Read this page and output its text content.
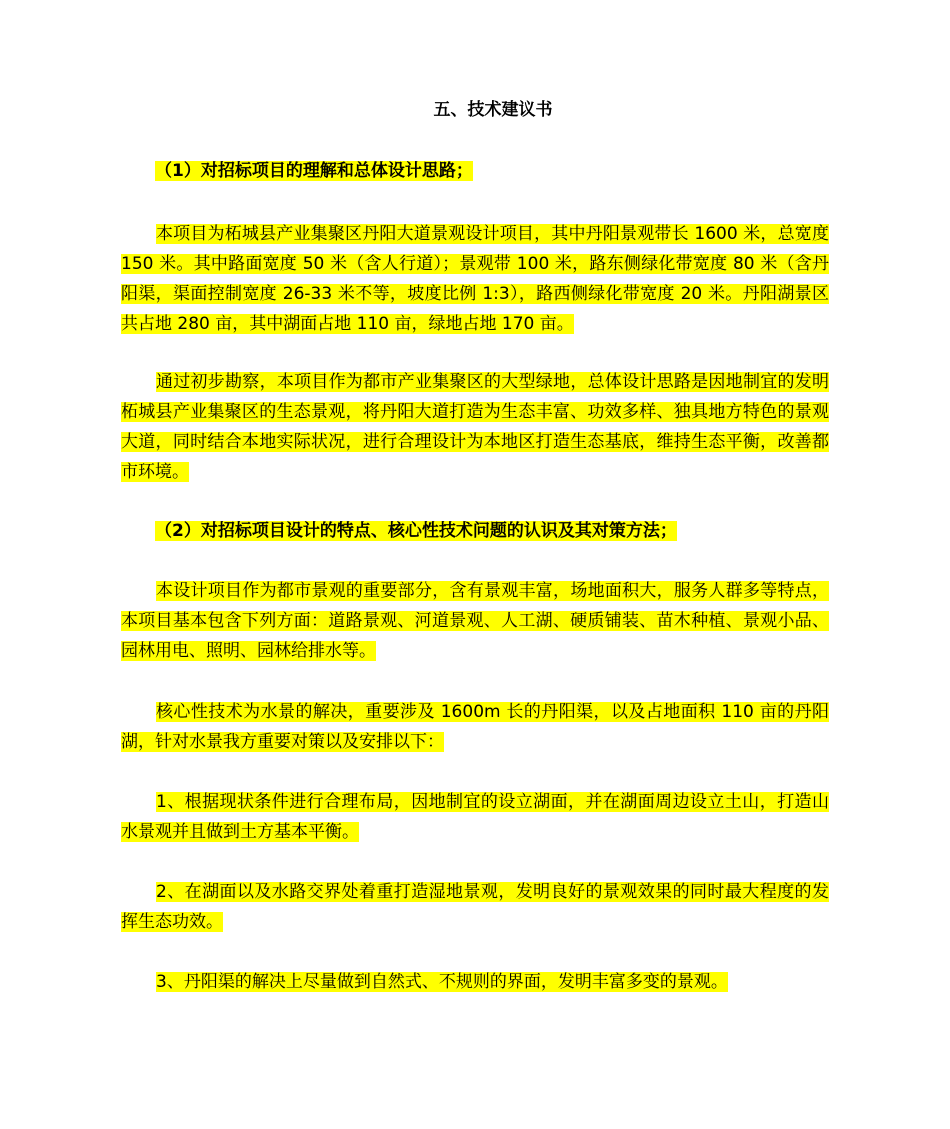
五、技术建议书

（1）对招标项目的理解和总体设计思路；

本项目为柘城县产业集聚区丹阳大道景观设计项目，其中丹阳景观带长 1600 米，总宽度 150 米。其中路面宽度 50 米（含人行道）；景观带 100 米，路东侧绿化带宽度 80 米（含丹阳渠，渠面控制宽度 26-33 米不等，坡度比例 1:3），路西侧绿化带宽度 20 米。丹阳湖景区共占地 280 亩，其中湖面占地 110 亩，绿地占地 170 亩。

通过初步勘察，本项目作为都市产业集聚区的大型绿地，总体设计思路是因地制宜的发明柘城县产业集聚区的生态景观，将丹阳大道打造为生态丰富、功效多样、独具地方特色的景观大道，同时结合本地实际状况，进行合理设计为本地区打造生态基底，维持生态平衡，改善都市环境。

（2）对招标项目设计的特点、核心性技术问题的认识及其对策方法；

本设计项目作为都市景观的重要部分，含有景观丰富，场地面积大，服务人群多等特点，本项目基本包含下列方面：道路景观、河道景观、人工湖、硬质铺装、苗木种植、景观小品、园林用电、照明、园林给排水等。

核心性技术为水景的解决，重要涉及 1600m 长的丹阳渠，以及占地面积 110 亩的丹阳湖，针对水景我方重要对策以及安排以下：

1、根据现状条件进行合理布局，因地制宜的设立湖面，并在湖面周边设立土山，打造山水景观并且做到土方基本平衡。

2、在湖面以及水路交界处着重打造湿地景观，发明良好的景观效果的同时最大程度的发挥生态功效。

3、丹阳渠的解决上尽量做到自然式、不规则的界面，发明丰富多变的景观。
